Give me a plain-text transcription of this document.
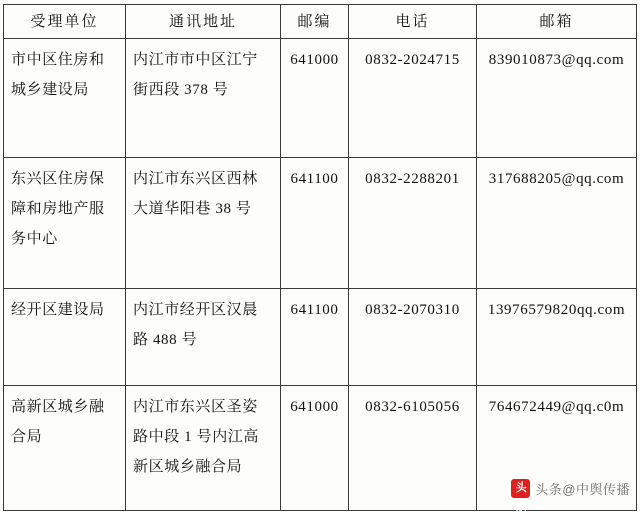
受理单位	通讯地址	邮编	电话	邮箱
市中区住房和城乡建设局	内江市市中区江宁街西段 378 号	641000	0832-2024715	839010873@qq.com
东兴区住房保障和房地产服务中心	内江市东兴区西林大道华阳巷 38 号	641100	0832-2288201	317688205@qq.com
经开区建设局	内江市经开区汉晨路 488 号	641100	0832-2070310	13976579820qq.com
高新区城乡融合局	内江市东兴区圣姿路中段 1 号内江高新区城乡融合局	641000	0832-6105056	764672449@qq.c0m
头条
头条@中舆传播
